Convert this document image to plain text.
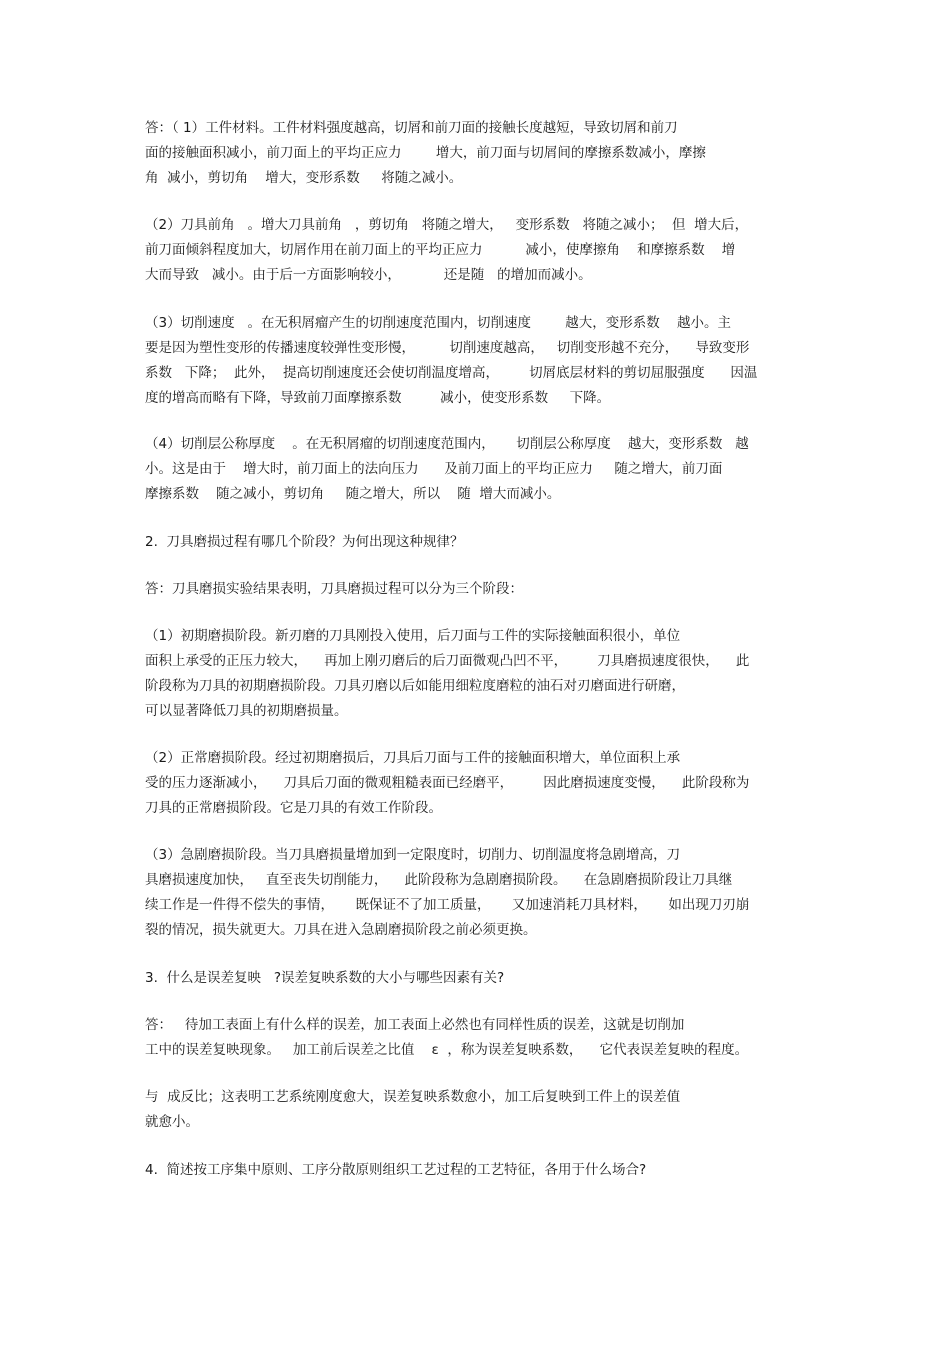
答：（ 1）工件材料。工件材料强度越高，切屑和前刀面的接触长度越短，导致切屑和前刀
面的接触面积减小，前刀面上的平均正应力        增大，前刀面与切屑间的摩擦系数减小，摩擦
角  减小，剪切角    增大，变形系数     将随之减小。
（2）刀具前角   。增大刀具前角   ，剪切角   将随之增大，   变形系数   将随之减小；  但  增大后，
前刀面倾斜程度加大，切屑作用在前刀面上的平均正应力          减小，使摩擦角    和摩擦系数    增
大而导致   减小。由于后一方面影响较小，          还是随   的增加而减小。
（3）切削速度   。在无积屑瘤产生的切削速度范围内，切削速度        越大，变形系数    越小。主
要是因为塑性变形的传播速度较弹性变形慢，        切削速度越高，   切削变形越不充分，    导致变形
系数   下降；  此外，  提高切削速度还会使切削温度增高，       切屑底层材料的剪切屈服强度      因温
度的增高而略有下降，导致前刀面摩擦系数         减小，使变形系数     下降。
（4）切削层公称厚度    。在无积屑瘤的切削速度范围内，     切削层公称厚度    越大，变形系数   越
小。这是由于    增大时，前刀面上的法向压力      及前刀面上的平均正应力     随之增大，前刀面
摩擦系数    随之减小，剪切角     随之增大，所以    随  增大而减小。
2.  刀具磨损过程有哪几个阶段？为何出现这种规律？
答：刀具磨损实验结果表明，刀具磨损过程可以分为三个阶段：
（1）初期磨损阶段。新刃磨的刀具刚投入使用，后刀面与工件的实际接触面积很小，单位
面积上承受的正压力较大，    再加上刚刃磨后的后刀面微观凸凹不平，       刀具磨损速度很快，    此
阶段称为刀具的初期磨损阶段。刀具刃磨以后如能用细粒度磨粒的油石对刃磨面进行研磨，
可以显著降低刀具的初期磨损量。
（2）正常磨损阶段。经过初期磨损后，刀具后刀面与工件的接触面积增大，单位面积上承
受的压力逐渐减小，    刀具后刀面的微观粗糙表面已经磨平，       因此磨损速度变慢，    此阶段称为
刀具的正常磨损阶段。它是刀具的有效工作阶段。
（3）急剧磨损阶段。当刀具磨损量增加到一定限度时，切削力、切削温度将急剧增高，刀
具磨损速度加快，   直至丧失切削能力，    此阶段称为急剧磨损阶段。    在急剧磨损阶段让刀具继
续工作是一件得不偿失的事情，     既保证不了加工质量，     又加速消耗刀具材料，     如出现刀刃崩
裂的情况，损失就更大。刀具在进入急剧磨损阶段之前必须更换。
3.  什么是误差复映   ?误差复映系数的大小与哪些因素有关?
答：   待加工表面上有什么样的误差，加工表面上必然也有同样性质的误差，这就是切削加
工中的误差复映现象。   加工前后误差之比值    ε  ，称为误差复映系数，    它代表误差复映的程度。
与  成反比；这表明工艺系统刚度愈大，误差复映系数愈小，加工后复映到工件上的误差值
就愈小。
4.  简述按工序集中原则、工序分散原则组织工艺过程的工艺特征，各用于什么场合?
